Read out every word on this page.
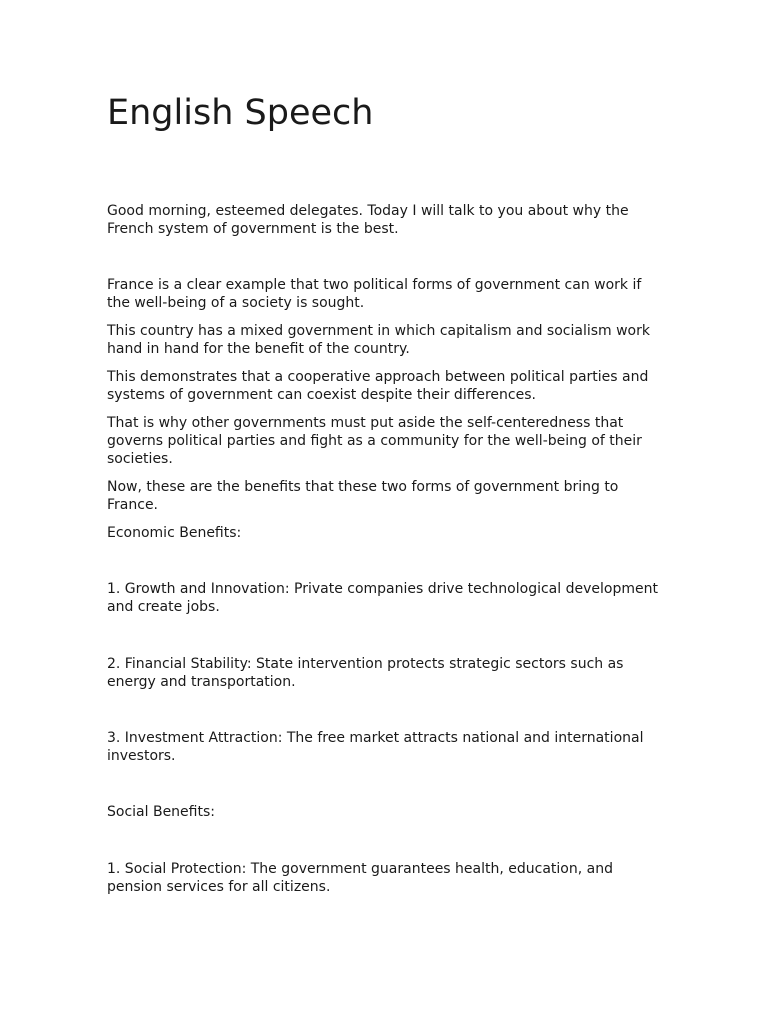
English Speech

Good morning, esteemed delegates. Today I will talk to you about why the French system of government is the best.

France is a clear example that two political forms of government can work if the well-being of a society is sought.

This country has a mixed government in which capitalism and socialism work hand in hand for the benefit of the country.

This demonstrates that a cooperative approach between political parties and systems of government can coexist despite their differences.

That is why other governments must put aside the self-centeredness that governs political parties and fight as a community for the well-being of their societies.

Now, these are the benefits that these two forms of government bring to France.

Economic Benefits:

1. Growth and Innovation: Private companies drive technological development and create jobs.

2. Financial Stability: State intervention protects strategic sectors such as energy and transportation.

3. Investment Attraction: The free market attracts national and international investors.

Social Benefits:

1. Social Protection: The government guarantees health, education, and pension services for all citizens.
